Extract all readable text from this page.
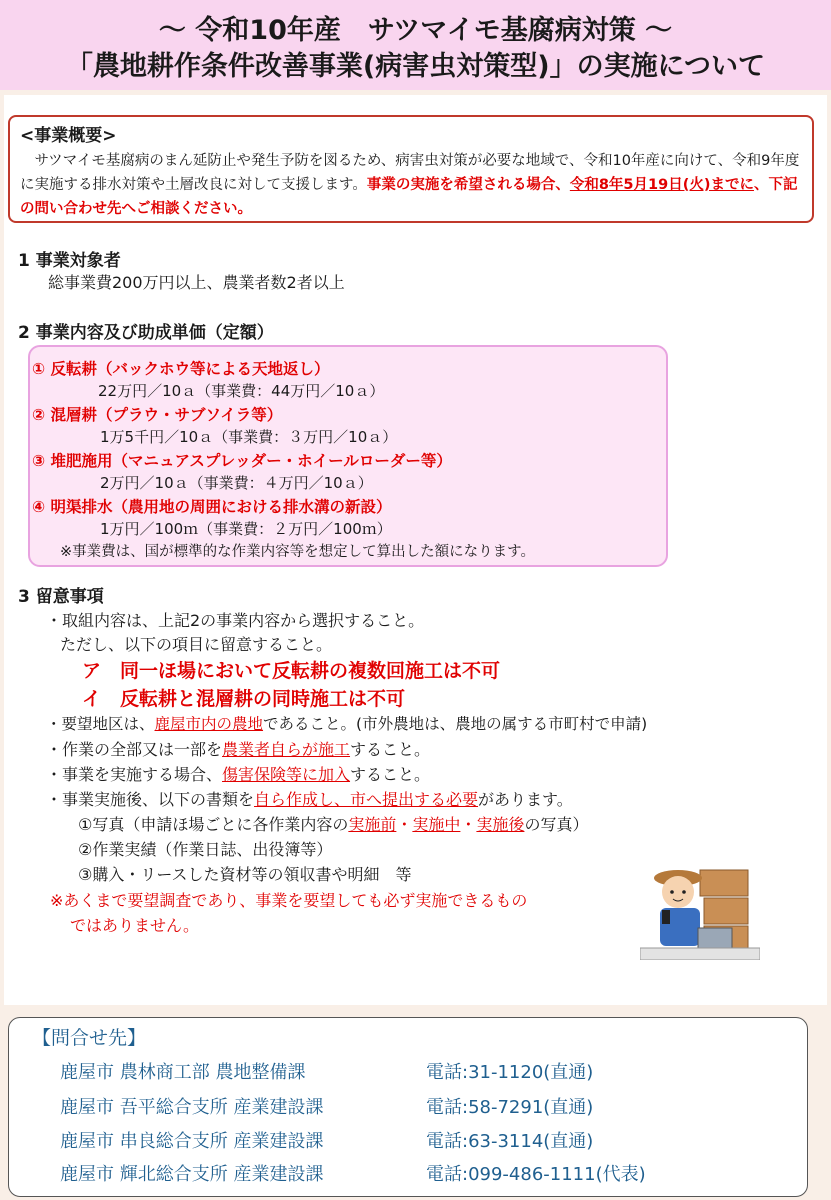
～ 令和10年産　サツマイモ基腐病対策 ～
「農地耕作条件改善事業(病害虫対策型)」の実施について
<事業概要>
　サツマイモ基腐病のまん延防止や発生予防を図るため、病害虫対策が必要な地域で、令和10年産に向けて、令和9年度に実施する排水対策や土層改良に対して支援します。事業の実施を希望される場合、令和8年5月19日(火)までに、下記の問い合わせ先へご相談ください。
1 事業対象者
総事業費200万円以上、農業者数2者以上
2 事業内容及び助成単価（定額）
① 反転耕（バックホウ等による天地返し）
22万円／10ａ（事業費：44万円／10ａ）
② 混層耕（プラウ・サブソイラ等）
1万5千円／10ａ（事業費：３万円／10ａ）
③ 堆肥施用（マニュアスプレッダー・ホイールローダー等）
2万円／10ａ（事業費：４万円／10ａ）
④ 明渠排水（農用地の周囲における排水溝の新設）
1万円／100ｍ（事業費：２万円／100ｍ）
※事業費は、国が標準的な作業内容等を想定して算出した額になります。
3 留意事項
・取組内容は、上記2の事業内容から選択すること。
ただし、以下の項目に留意すること。
ア　同一ほ場において反転耕の複数回施工は不可
イ　反転耕と混層耕の同時施工は不可
・要望地区は、鹿屋市内の農地であること。(市外農地は、農地の属する市町村で申請)
・作業の全部又は一部を農業者自らが施工すること。
・事業を実施する場合、傷害保険等に加入すること。
・事業実施後、以下の書類を自ら作成し、市へ提出する必要があります。
①写真（申請ほ場ごとに各作業内容の実施前・実施中・実施後の写真）
②作業実績（作業日誌、出役簿等）
③購入・リースした資材等の領収書や明細　等
※あくまで要望調査であり、事業を要望しても必ず実施できるもの
ではありません。
【問合せ先】
鹿屋市 農林商工部 農地整備課	電話:31-1120(直通)
鹿屋市 吾平総合支所 産業建設課	電話:58-7291(直通)
鹿屋市 串良総合支所 産業建設課	電話:63-3114(直通)
鹿屋市 輝北総合支所 産業建設課	電話:099-486-1111(代表)
